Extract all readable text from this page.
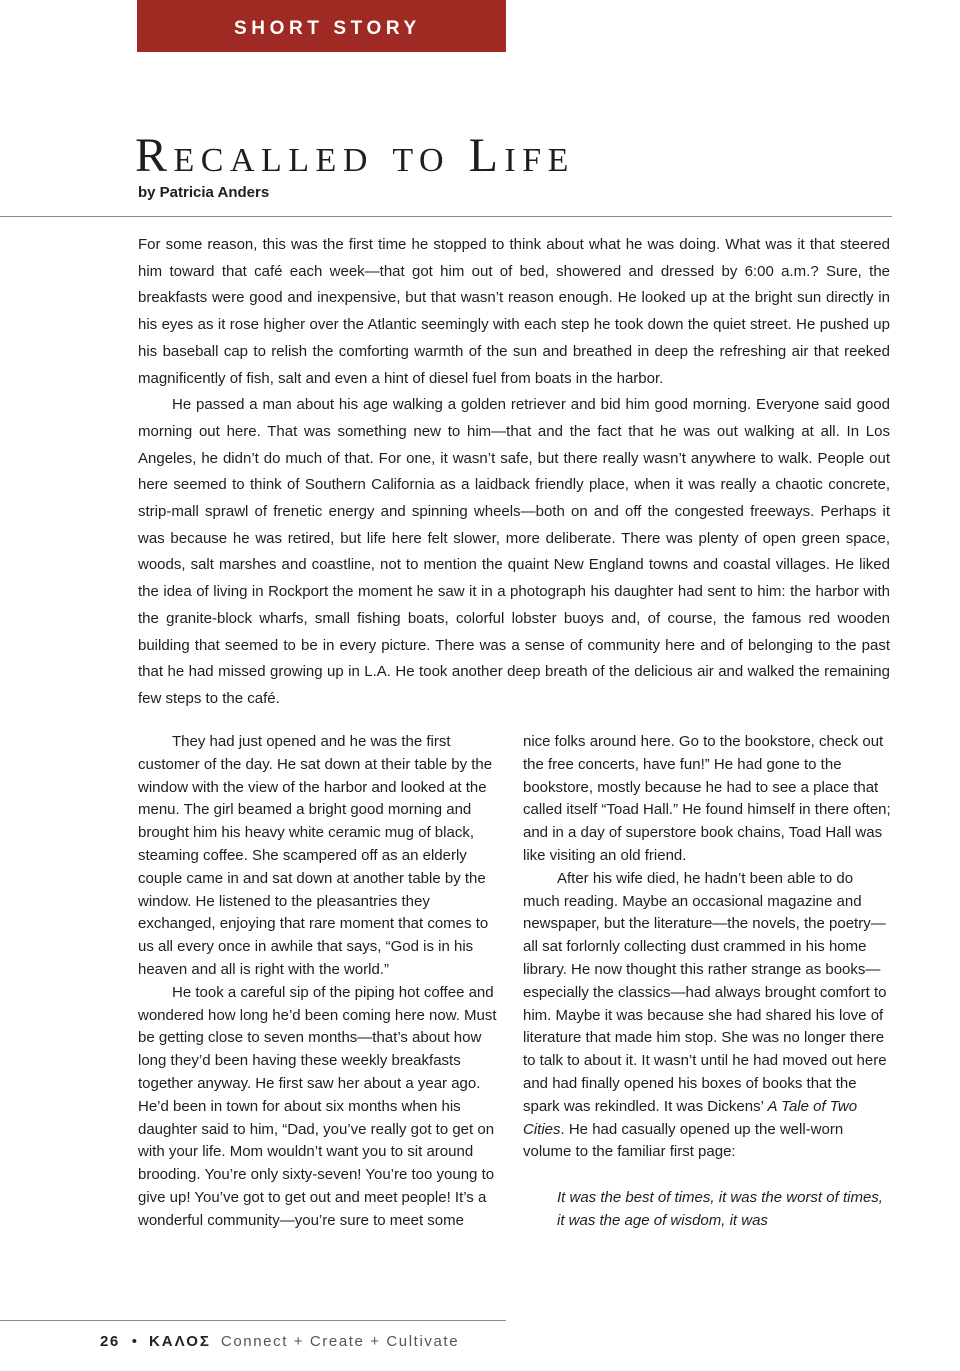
SHORT STORY
Recalled to Life
by Patricia Anders

For some reason, this was the first time he stopped to think about what he was doing. What was it that steered him toward that café each week—that got him out of bed, showered and dressed by 6:00 a.m.? Sure, the breakfasts were good and inexpensive, but that wasn’t reason enough. He looked up at the bright sun directly in his eyes as it rose higher over the Atlantic seemingly with each step he took down the quiet street. He pushed up his baseball cap to relish the comforting warmth of the sun and breathed in deep the refreshing air that reeked magnificently of fish, salt and even a hint of diesel fuel from boats in the harbor.

He passed a man about his age walking a golden retriever and bid him good morning. Everyone said good morning out here. That was something new to him—that and the fact that he was out walking at all. In Los Angeles, he didn’t do much of that. For one, it wasn’t safe, but there really wasn’t anywhere to walk. People out here seemed to think of Southern California as a laidback friendly place, when it was really a chaotic concrete, strip-mall sprawl of frenetic energy and spinning wheels—both on and off the congested freeways. Perhaps it was because he was retired, but life here felt slower, more deliberate. There was plenty of open green space, woods, salt marshes and coastline, not to mention the quaint New England towns and coastal villages. He liked the idea of living in Rockport the moment he saw it in a photograph his daughter had sent to him: the harbor with the granite-block wharfs, small fishing boats, colorful lobster buoys and, of course, the famous red wooden building that seemed to be in every picture. There was a sense of community here and of belonging to the past that he had missed growing up in L.A. He took another deep breath of the delicious air and walked the remaining few steps to the café.

They had just opened and he was the first customer of the day. He sat down at their table by the window with the view of the harbor and looked at the menu. The girl beamed a bright good morning and brought him his heavy white ceramic mug of black, steaming coffee. She scampered off as an elderly couple came in and sat down at another table by the window. He listened to the pleasantries they exchanged, enjoying that rare moment that comes to us all every once in awhile that says, “God is in his heaven and all is right with the world.”

He took a careful sip of the piping hot coffee and wondered how long he’d been coming here now. Must be getting close to seven months—that’s about how long they’d been having these weekly breakfasts together anyway. He first saw her about a year ago. He’d been in town for about six months when his daughter said to him, “Dad, you’ve really got to get on with your life. Mom wouldn’t want you to sit around brooding. You’re only sixty-seven! You’re too young to give up! You’ve got to get out and meet people! It’s a wonderful community—you’re sure to meet some

nice folks around here. Go to the bookstore, check out the free concerts, have fun!” He had gone to the bookstore, mostly because he had to see a place that called itself “Toad Hall.” He found himself in there often; and in a day of superstore book chains, Toad Hall was like visiting an old friend.

After his wife died, he hadn’t been able to do much reading. Maybe an occasional magazine and newspaper, but the literature—the novels, the poetry—all sat forlornly collecting dust crammed in his home library. He now thought this rather strange as books—especially the classics—had always brought comfort to him. Maybe it was because she had shared his love of literature that made him stop. She was no longer there to talk to about it. It wasn’t until he had moved out here and had finally opened his boxes of books that the spark was rekindled. It was Dickens’ A Tale of Two Cities. He had casually opened up the well-worn volume to the familiar first page:

It was the best of times, it was the worst of times, it was the age of wisdom, it was

26 • ΚΑΛΟΣ Connect + Create + Cultivate
